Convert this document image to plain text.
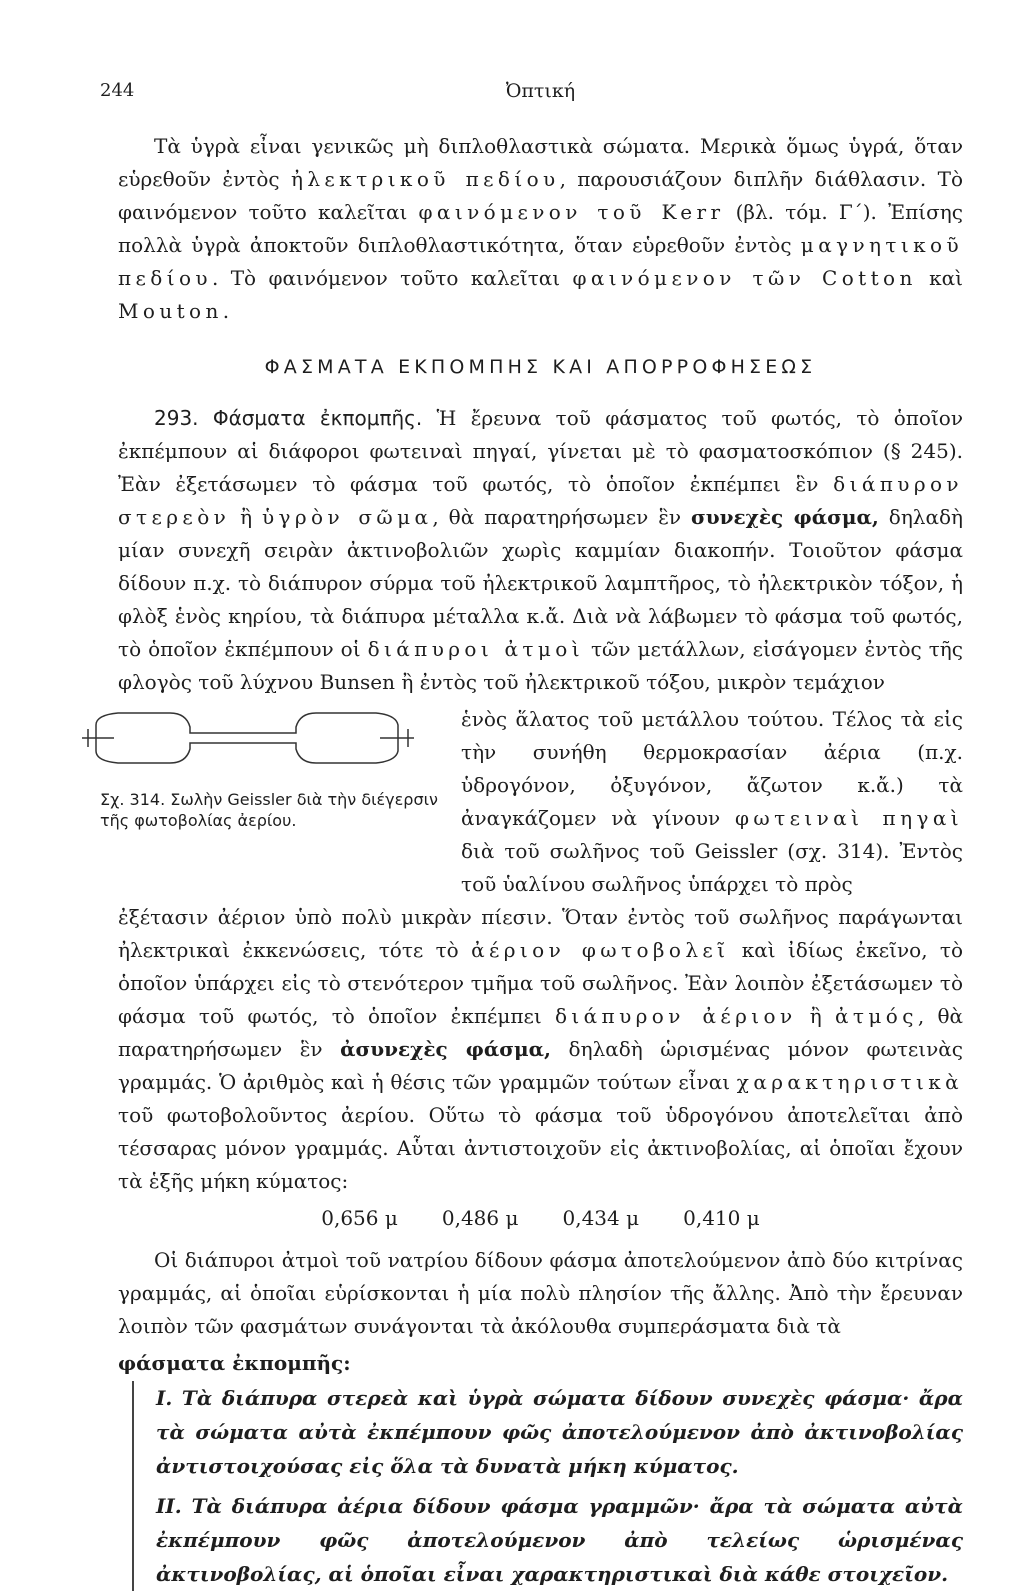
244	Ὀπτική

Τὰ ὑγρὰ εἶναι γενικῶς μὴ διπλοθλαστικὰ σώματα. Μερικὰ ὅμως ὑγρά, ὅταν εὑρεθοῦν ἐντὸς ἠλεκτρικοῦ πεδίου, παρουσιάζουν διπλῆν διάθλασιν. Τὸ φαινόμενον τοῦτο καλεῖται φαινόμενον τοῦ Kerr (βλ. τόμ. Γ΄). Ἐπίσης πολλὰ ὑγρὰ ἀποκτοῦν διπλοθλαστικότητα, ὅταν εὑρεθοῦν ἐντὸς μαγνητικοῦ πεδίου. Τὸ φαινόμενον τοῦτο καλεῖται φαινόμενον τῶν Cotton καὶ Mouton.

ΦΑΣΜΑΤΑ ΕΚΠΟΜΠΗΣ ΚΑΙ ΑΠΟΡΡΟΦΗΣΕΩΣ

293. Φάσματα ἐκπομπῆς. Ἡ ἔρευνα τοῦ φάσματος τοῦ φωτός, τὸ ὁποῖον ἐκπέμπουν αἱ διάφοροι φωτειναὶ πηγαί, γίνεται μὲ τὸ φασματοσκόπιον (§ 245). Ἐὰν ἐξετάσωμεν τὸ φάσμα τοῦ φωτός, τὸ ὁποῖον ἐκπέμπει ἓν διάπυρον στερεὸν ἢ ὑγρὸν σῶμα, θὰ παρατηρήσωμεν ἓν συνεχὲς φάσμα, δηλαδὴ μίαν συνεχῆ σειρὰν ἀκτινοβολιῶν χωρὶς καμμίαν διακοπήν. Τοιοῦτον φάσμα δίδουν π.χ. τὸ διάπυρον σύρμα τοῦ ἠλεκτρικοῦ λαμπτῆρος, τὸ ἠλεκτρικὸν τόξον, ἡ φλὸξ ἑνὸς κηρίου, τὰ διάπυρα μέταλλα κ.ἄ. Διὰ νὰ λάβωμεν τὸ φάσμα τοῦ φωτός, τὸ ὁποῖον ἐκπέμπουν οἱ διάπυροι ἀτμοὶ τῶν μετάλλων, εἰσάγομεν ἐντὸς τῆς φλογὸς τοῦ λύχνου Bunsen ἢ ἐντὸς τοῦ ἠλεκτρικοῦ τόξου, μικρὸν τεμάχιον

Σχ. 314. Σωλὴν Geissler διὰ τὴν διέγερσιν τῆς φωτοβολίας ἀερίου.

ἑνὸς ἅλατος τοῦ μετάλλου τούτου. Τέλος τὰ εἰς τὴν συνήθη θερμοκρασίαν ἀέρια (π.χ. ὑδρογόνον, ὀξυγόνον, ἄζωτον κ.ἄ.) τὰ ἀναγκάζομεν νὰ γίνουν φωτειναὶ πηγαὶ διὰ τοῦ σωλῆνος τοῦ Geissler (σχ. 314). Ἐντὸς τοῦ ὑαλίνου σωλῆνος ὑπάρχει τὸ πρὸς

ἐξέτασιν ἀέριον ὑπὸ πολὺ μικρὰν πίεσιν. Ὅταν ἐντὸς τοῦ σωλῆνος παράγωνται ἠλεκτρικαὶ ἐκκενώσεις, τότε τὸ ἀέριον φωτοβολεῖ καὶ ἰδίως ἐκεῖνο, τὸ ὁποῖον ὑπάρχει εἰς τὸ στενότερον τμῆμα τοῦ σωλῆνος. Ἐὰν λοιπὸν ἐξετάσωμεν τὸ φάσμα τοῦ φωτός, τὸ ὁποῖον ἐκπέμπει διάπυρον ἀέριον ἢ ἀτμός, θὰ παρατηρήσωμεν ἓν ἀσυνεχὲς φάσμα, δηλαδὴ ὡρισμένας μόνον φωτεινὰς γραμμάς. Ὁ ἀριθμὸς καὶ ἡ θέσις τῶν γραμμῶν τούτων εἶναι χαρακτηριστικὰ τοῦ φωτοβολοῦντος ἀερίου. Οὕτω τὸ φάσμα τοῦ ὑδρογόνου ἀποτελεῖται ἀπὸ τέσσαρας μόνον γραμμάς. Αὗται ἀντιστοιχοῦν εἰς ἀκτινοβολίας, αἱ ὁποῖαι ἔχουν τὰ ἑξῆς μήκη κύματος:

0,656 μ 0,486 μ 0,434 μ 0,410 μ

Οἱ διάπυροι ἀτμοὶ τοῦ νατρίου δίδουν φάσμα ἀποτελούμενον ἀπὸ δύο κιτρίνας γραμμάς, αἱ ὁποῖαι εὑρίσκονται ἡ μία πολὺ πλησίον τῆς ἄλλης. Ἀπὸ τὴν ἔρευναν λοιπὸν τῶν φασμάτων συνάγονται τὰ ἀκόλουθα συμπεράσματα διὰ τὰ

φάσματα ἐκπομπῆς:

I. Τὰ διάπυρα στερεὰ καὶ ὑγρὰ σώματα δίδουν συνεχὲς φάσμα· ἄρα τὰ σώματα αὐτὰ ἐκπέμπουν φῶς ἀποτελούμενον ἀπὸ ἀκτινοβολίας ἀντιστοιχούσας εἰς ὅλα τὰ δυνατὰ μήκη κύματος.

II. Τὰ διάπυρα ἀέρια δίδουν φάσμα γραμμῶν· ἄρα τὰ σώματα αὐτὰ ἐκπέμπουν φῶς ἀποτελούμενον ἀπὸ τελείως ὡρισμένας ἀκτινοβολίας, αἱ ὁποῖαι εἶναι χαρακτηριστικαὶ διὰ κάθε στοιχεῖον.
